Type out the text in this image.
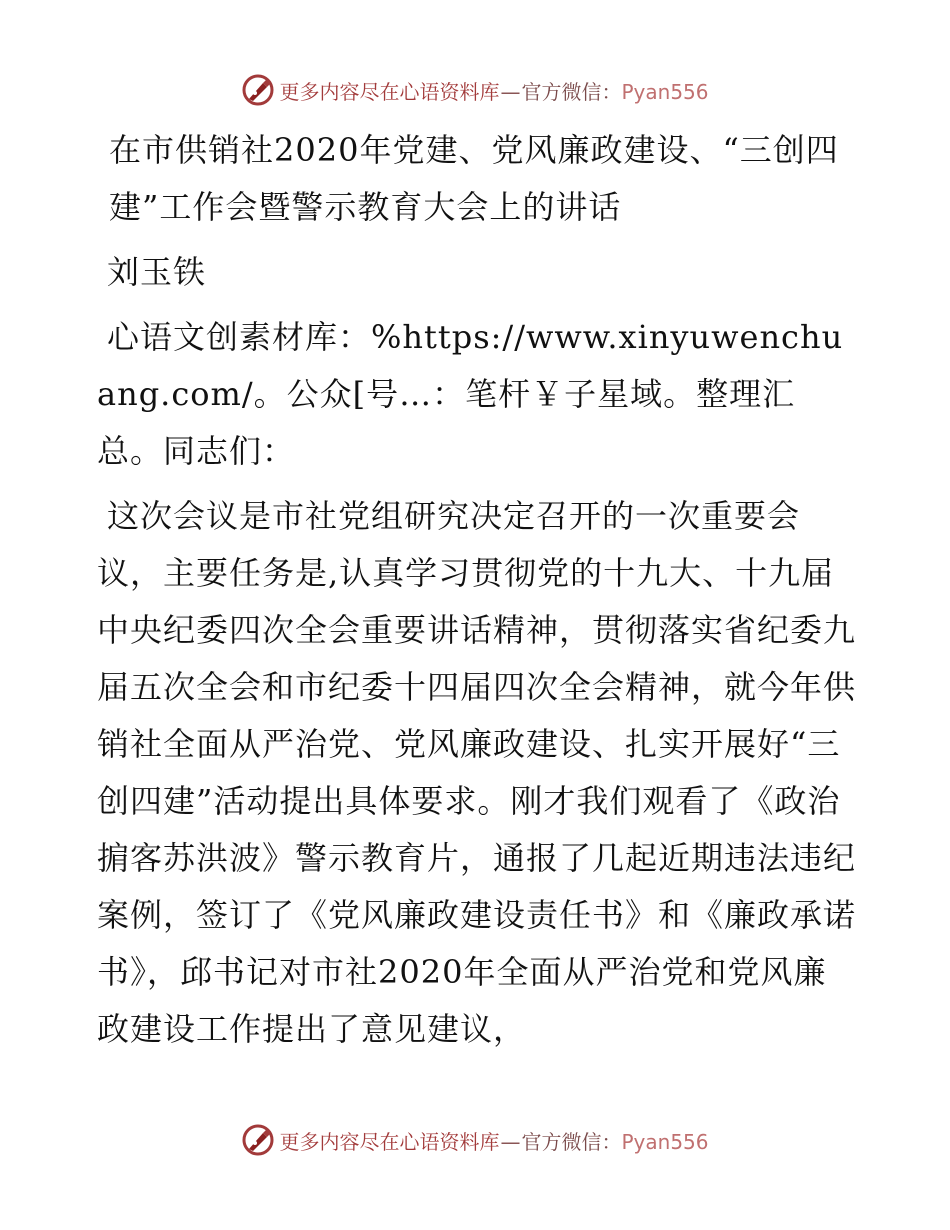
更多内容尽在心语资料库—官方微信：Pyan556

在市供销社2020年党建、党风廉政建设、“三创四建”工作会暨警示教育大会上的讲话

刘玉铁

心语文创素材库：%https://www.xinyuwenchuang.com/。公众[号…：笔杆￥子星域。整理汇总。同志们：

这次会议是市社党组研究决定召开的一次重要会议，主要任务是,认真学习贯彻党的十九大、十九届中央纪委四次全会重要讲话精神，贯彻落实省纪委九届五次全会和市纪委十四届四次全会精神，就今年供销社全面从严治党、党风廉政建设、扎实开展好“三创四建”活动提出具体要求。刚才我们观看了《政治掮客苏洪波》警示教育片，通报了几起近期违法违纪案例，签订了《党风廉政建设责任书》和《廉政承诺书》，邱书记对市社2020年全面从严治党和党风廉政建设工作提出了意见建议，

更多内容尽在心语资料库—官方微信：Pyan556
